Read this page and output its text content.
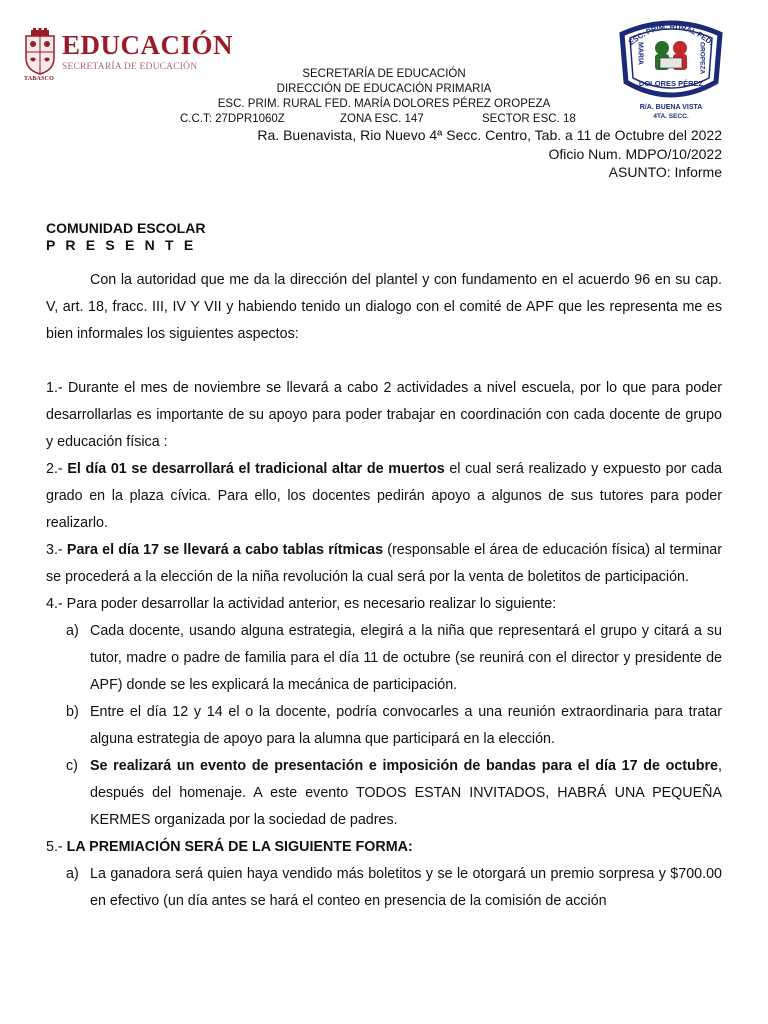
TABASCO
EDUCACIÓN
SECRETARÍA DE EDUCACIÓN
ESC. PRIM. RURAL FED.
MARIA	OROPEZA
DOLORES PÉREZ
R/A. BUENA VISTA
4TA. SECC.
SECRETARÍA DE EDUCACIÓN
DIRECCIÓN DE EDUCACIÓN PRIMARIA
ESC. PRIM. RURAL FED. MARÍA DOLORES PÉREZ OROPEZA
C.C.T: 27DPR1060Z	ZONA ESC. 147	SECTOR ESC. 18
Ra. Buenavista, Rio Nuevo 4ª Secc. Centro, Tab. a 11 de Octubre del 2022
Oficio Num. MDPO/10/2022
ASUNTO: Informe
COMUNIDAD ESCOLAR
P R E S E N T E

Con la autoridad que me da la dirección del plantel y con fundamento en el acuerdo 96 en su cap. V, art. 18, fracc. III, IV Y VII y habiendo tenido un dialogo con el comité de APF que les representa me es bien informales los siguientes aspectos:

1.- Durante el mes de noviembre se llevará a cabo 2 actividades a nivel escuela, por lo que para poder desarrollarlas es importante de su apoyo para poder trabajar en coordinación con cada docente de grupo y educación física :

2.- El día 01 se desarrollará el tradicional altar de muertos el cual será realizado y expuesto por cada grado en la plaza cívica. Para ello, los docentes pedirán apoyo a algunos de sus tutores para poder realizarlo.

3.- Para el día 17 se llevará a cabo tablas rítmicas (responsable el área de educación física) al terminar se procederá a la elección de la niña revolución la cual será por la venta de boletitos de participación.

4.- Para poder desarrollar la actividad anterior, es necesario realizar lo siguiente:

a) Cada docente, usando alguna estrategia, elegirá a la niña que representará el grupo y citará a su tutor, madre o padre de familia para el día 11 de octubre (se reunirá con el director y presidente de APF) donde se les explicará la mecánica de participación.
b) Entre el día 12 y 14 el o la docente, podría convocarles a una reunión extraordinaria para tratar alguna estrategia de apoyo para la alumna que participará en la elección.
c) Se realizará un evento de presentación e imposición de bandas para el día 17 de octubre, después del homenaje. A este evento TODOS ESTAN INVITADOS, HABRÁ UNA PEQUEÑA KERMES organizada por la sociedad de padres.

5.- LA PREMIACIÓN SERÁ DE LA SIGUIENTE FORMA:

a) La ganadora será quien haya vendido más boletitos y se le otorgará un premio sorpresa y $700.00 en efectivo (un día antes se hará el conteo en presencia de la comisión de acción
